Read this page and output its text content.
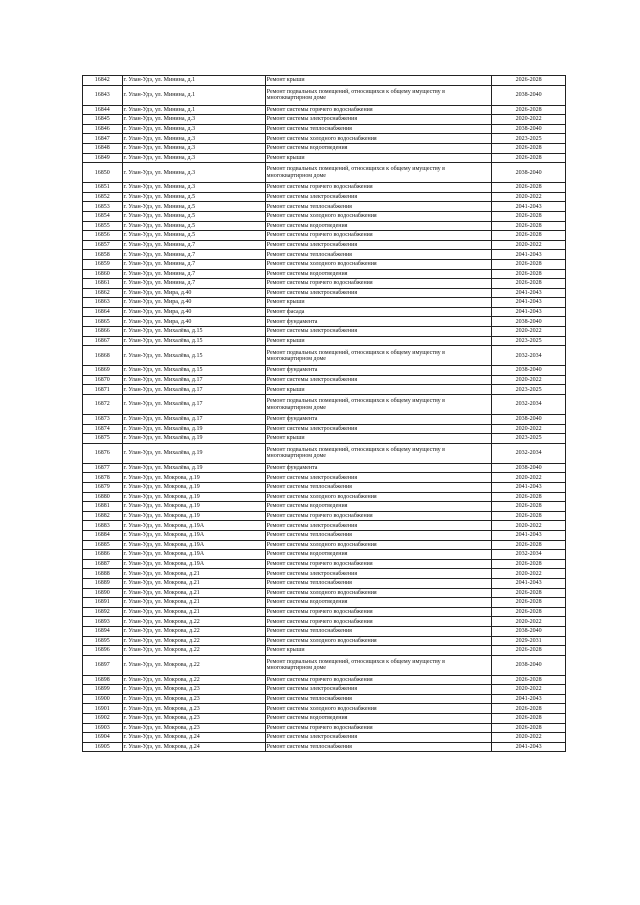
16842	г. Улан-Удэ, ул. Минина, д.1	Ремонт крыши	2026-2028
16843	г. Улан-Удэ, ул. Минина, д.1	Ремонт подвальных помещений, относящихся к общему имуществу в многоквартирном доме	2038-2040
16844	г. Улан-Удэ, ул. Минина, д.1	Ремонт системы горячего водоснабжения	2026-2028
16845	г. Улан-Удэ, ул. Минина, д.3	Ремонт системы электроснабжения	2020-2022
16846	г. Улан-Удэ, ул. Минина, д.3	Ремонт системы теплоснабжения	2038-2040
16847	г. Улан-Удэ, ул. Минина, д.3	Ремонт системы холодного водоснабжения	2023-2025
16848	г. Улан-Удэ, ул. Минина, д.3	Ремонт системы водоотведения	2026-2028
16849	г. Улан-Удэ, ул. Минина, д.3	Ремонт крыши	2026-2028
16850	г. Улан-Удэ, ул. Минина, д.3	Ремонт подвальных помещений, относящихся к общему имуществу в многоквартирном доме	2038-2040
16851	г. Улан-Удэ, ул. Минина, д.3	Ремонт системы горячего водоснабжения	2026-2028
16852	г. Улан-Удэ, ул. Минина, д.5	Ремонт системы электроснабжения	2020-2022
16853	г. Улан-Удэ, ул. Минина, д.5	Ремонт системы теплоснабжения	2041-2043
16854	г. Улан-Удэ, ул. Минина, д.5	Ремонт системы холодного водоснабжения	2026-2028
16855	г. Улан-Удэ, ул. Минина, д.5	Ремонт системы водоотведения	2026-2028
16856	г. Улан-Удэ, ул. Минина, д.5	Ремонт системы горячего водоснабжения	2026-2028
16857	г. Улан-Удэ, ул. Минина, д.7	Ремонт системы электроснабжения	2020-2022
16858	г. Улан-Удэ, ул. Минина, д.7	Ремонт системы теплоснабжения	2041-2043
16859	г. Улан-Удэ, ул. Минина, д.7	Ремонт системы холодного водоснабжения	2026-2028
16860	г. Улан-Удэ, ул. Минина, д.7	Ремонт системы водоотведения	2026-2028
16861	г. Улан-Удэ, ул. Минина, д.7	Ремонт системы горячего водоснабжения	2026-2028
16862	г. Улан-Удэ, ул. Мира, д.40	Ремонт системы электроснабжения	2041-2043
16863	г. Улан-Удэ, ул. Мира, д.40	Ремонт крыши	2041-2043
16864	г. Улан-Удэ, ул. Мира, д.40	Ремонт фасада	2041-2043
16865	г. Улан-Удэ, ул. Мира, д.40	Ремонт фундамента	2038-2040
16866	г. Улан-Удэ, ул. Михалёва, д.15	Ремонт системы электроснабжения	2020-2022
16867	г. Улан-Удэ, ул. Михалёва, д.15	Ремонт крыши	2023-2025
16868	г. Улан-Удэ, ул. Михалёва, д.15	Ремонт подвальных помещений, относящихся к общему имуществу в многоквартирном доме	2032-2034
16869	г. Улан-Удэ, ул. Михалёва, д.15	Ремонт фундамента	2038-2040
16870	г. Улан-Удэ, ул. Михалёва, д.17	Ремонт системы электроснабжения	2020-2022
16871	г. Улан-Удэ, ул. Михалёва, д.17	Ремонт крыши	2023-2025
16872	г. Улан-Удэ, ул. Михалёва, д.17	Ремонт подвальных помещений, относящихся к общему имуществу в многоквартирном доме	2032-2034
16873	г. Улан-Удэ, ул. Михалёва, д.17	Ремонт фундамента	2038-2040
16874	г. Улан-Удэ, ул. Михалёва, д.19	Ремонт системы электроснабжения	2020-2022
16875	г. Улан-Удэ, ул. Михалёва, д.19	Ремонт крыши	2023-2025
16876	г. Улан-Удэ, ул. Михалёва, д.19	Ремонт подвальных помещений, относящихся к общему имуществу в многоквартирном доме	2032-2034
16877	г. Улан-Удэ, ул. Михалёва, д.19	Ремонт фундамента	2038-2040
16878	г. Улан-Удэ, ул. Мокрова, д.19	Ремонт системы электроснабжения	2020-2022
16879	г. Улан-Удэ, ул. Мокрова, д.19	Ремонт системы теплоснабжения	2041-2043
16880	г. Улан-Удэ, ул. Мокрова, д.19	Ремонт системы холодного водоснабжения	2026-2028
16881	г. Улан-Удэ, ул. Мокрова, д.19	Ремонт системы водоотведения	2026-2028
16882	г. Улан-Удэ, ул. Мокрова, д.19	Ремонт системы горячего водоснабжения	2026-2028
16883	г. Улан-Удэ, ул. Мокрова, д.19А	Ремонт системы электроснабжения	2020-2022
16884	г. Улан-Удэ, ул. Мокрова, д.19А	Ремонт системы теплоснабжения	2041-2043
16885	г. Улан-Удэ, ул. Мокрова, д.19А	Ремонт системы холодного водоснабжения	2026-2028
16886	г. Улан-Удэ, ул. Мокрова, д.19А	Ремонт системы водоотведения	2032-2034
16887	г. Улан-Удэ, ул. Мокрова, д.19А	Ремонт системы горячего водоснабжения	2026-2028
16888	г. Улан-Удэ, ул. Мокрова, д.21	Ремонт системы электроснабжения	2020-2022
16889	г. Улан-Удэ, ул. Мокрова, д.21	Ремонт системы теплоснабжения	2041-2043
16890	г. Улан-Удэ, ул. Мокрова, д.21	Ремонт системы холодного водоснабжения	2026-2028
16891	г. Улан-Удэ, ул. Мокрова, д.21	Ремонт системы водоотведения	2026-2028
16892	г. Улан-Удэ, ул. Мокрова, д.21	Ремонт системы горячего водоснабжения	2026-2028
16893	г. Улан-Удэ, ул. Мокрова, д.22	Ремонт системы горячего водоснабжения	2020-2022
16894	г. Улан-Удэ, ул. Мокрова, д.22	Ремонт системы теплоснабжения	2038-2040
16895	г. Улан-Удэ, ул. Мокрова, д.22	Ремонт системы холодного водоснабжения	2029-2031
16896	г. Улан-Удэ, ул. Мокрова, д.22	Ремонт крыши	2026-2028
16897	г. Улан-Удэ, ул. Мокрова, д.22	Ремонт подвальных помещений, относящихся к общему имуществу в многоквартирном доме	2038-2040
16898	г. Улан-Удэ, ул. Мокрова, д.22	Ремонт системы горячего водоснабжения	2026-2028
16899	г. Улан-Удэ, ул. Мокрова, д.23	Ремонт системы электроснабжения	2020-2022
16900	г. Улан-Удэ, ул. Мокрова, д.23	Ремонт системы теплоснабжения	2041-2043
16901	г. Улан-Удэ, ул. Мокрова, д.23	Ремонт системы холодного водоснабжения	2026-2028
16902	г. Улан-Удэ, ул. Мокрова, д.23	Ремонт системы водоотведения	2026-2028
16903	г. Улан-Удэ, ул. Мокрова, д.23	Ремонт системы горячего водоснабжения	2026-2028
16904	г. Улан-Удэ, ул. Мокрова, д.24	Ремонт системы электроснабжения	2020-2022
16905	г. Улан-Удэ, ул. Мокрова, д.24	Ремонт системы теплоснабжения	2041-2043
